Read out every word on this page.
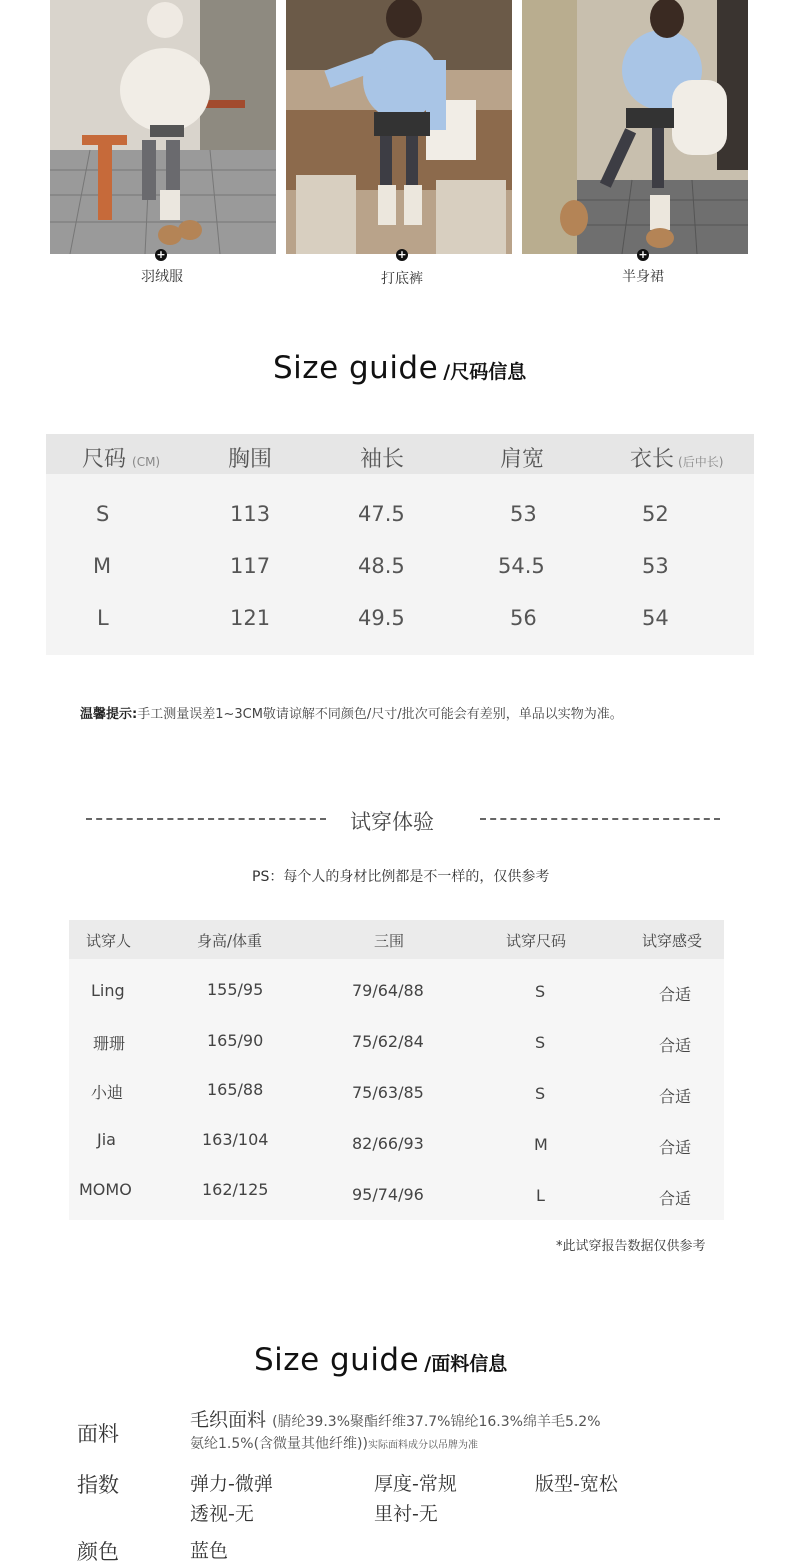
+
羽绒服
+
打底裤
+
半身裙
Size guide /尺码信息
尺码 (CM)	胸围	袖长	肩宽	衣长 (后中长)
S	113	47.5	53	52
M	117	48.5	54.5	53
L	121	49.5	56	54
温馨提示:手工测量误差1~3CM敬请谅解不同颜色/尺寸/批次可能会有差别，单品以实物为准。
试穿体验
PS：每个人的身材比例都是不一样的，仅供参考
试穿人	身高/体重	三围	试穿尺码	试穿感受
Ling	155/95	79/64/88	S	合适
珊珊	165/90	75/62/84	S	合适
小迪	165/88	75/63/85	S	合适
Jia	163/104	82/66/93	M	合适
MOMO	162/125	95/74/96	L	合适
*此试穿报告数据仅供参考
Size guide /面料信息
面料
毛织面料 (腈纶39.3%聚酯纤维37.7%锦纶16.3%绵羊毛5.2%
氨纶1.5%(含微量其他纤维))实际面料成分以吊牌为准
指数	弹力-微弹	厚度-常规	版型-宽松
透视-无	里衬-无
颜色	蓝色
